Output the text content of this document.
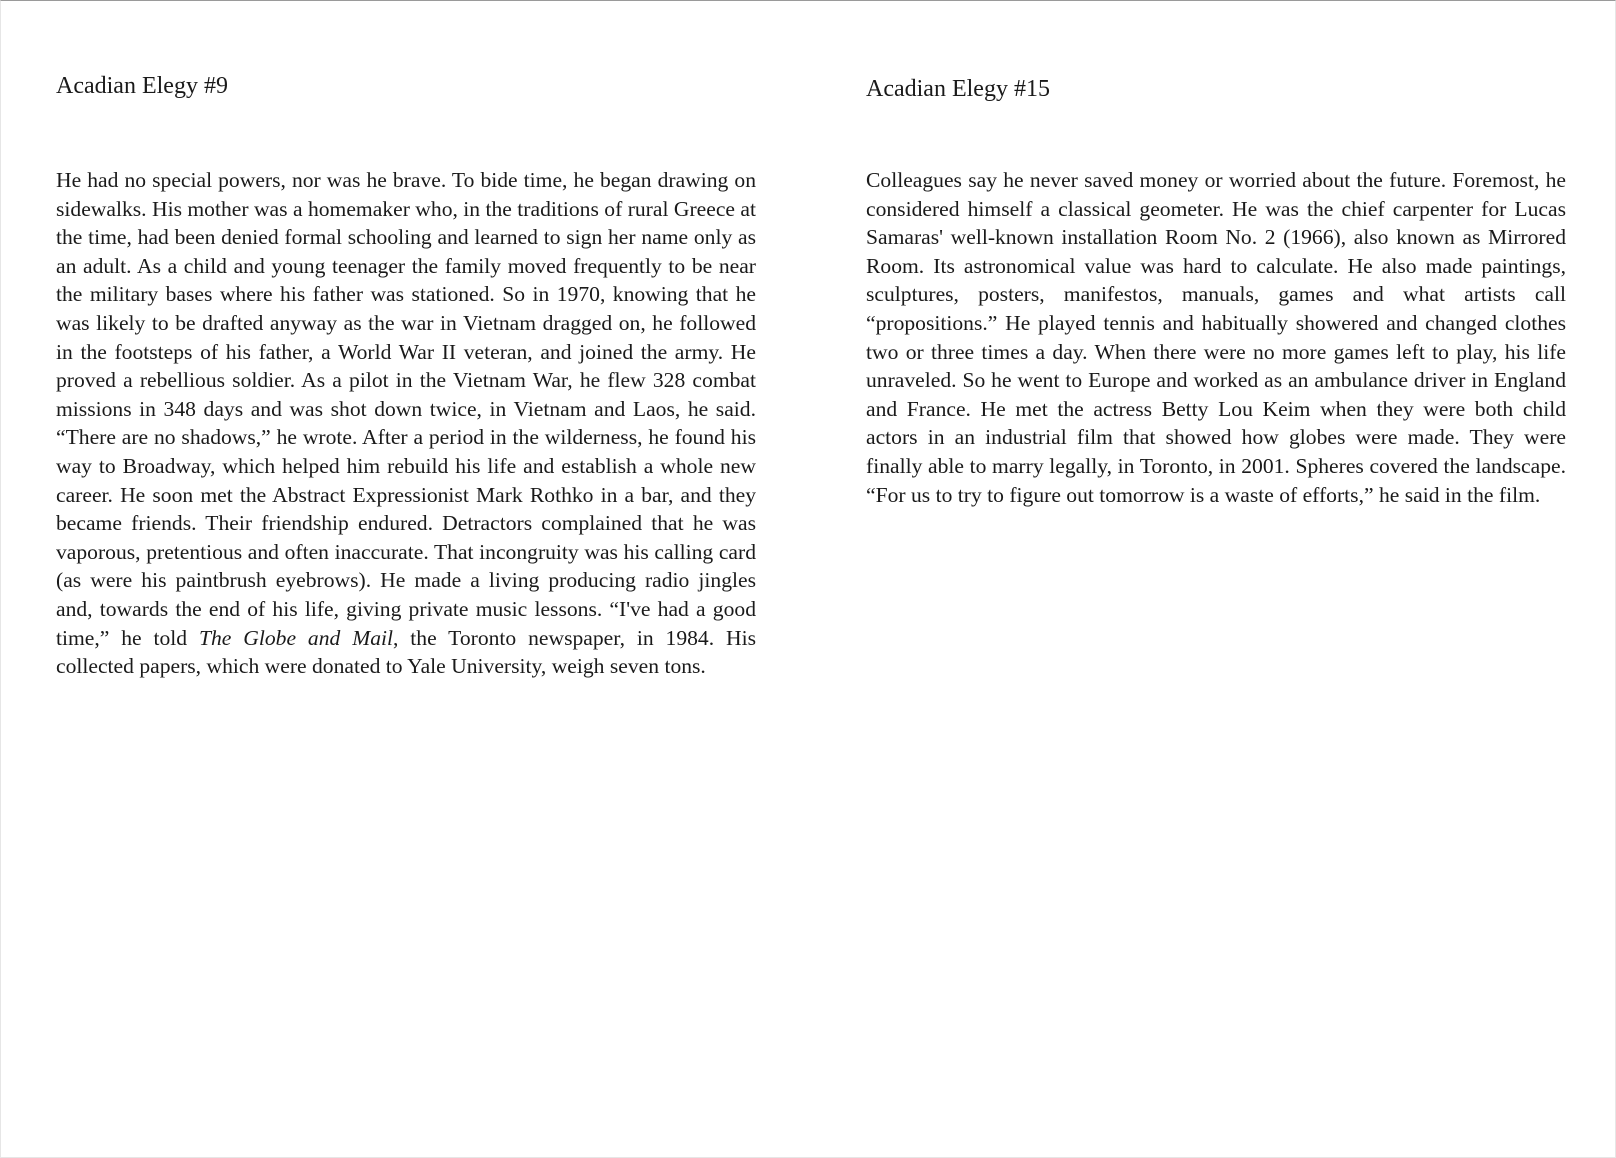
Acadian Elegy #9

He had no special powers, nor was he brave. To bide time, he began drawing on sidewalks. His mother was a homemaker who, in the traditions of rural Greece at the time, had been denied formal schooling and learned to sign her name only as an adult. As a child and young teenager the family moved frequently to be near the military bases where his father was stationed. So in 1970, knowing that he was likely to be drafted anyway as the war in Vietnam dragged on, he followed in the footsteps of his father, a World War II veteran, and joined the army. He proved a rebellious soldier. As a pilot in the Vietnam War, he flew 328 combat missions in 348 days and was shot down twice, in Vietnam and Laos, he said. “There are no shadows,” he wrote. After a period in the wilderness, he found his way to Broadway, which helped him rebuild his life and establish a whole new career. He soon met the Abstract Expressionist Mark Rothko in a bar, and they became friends. Their friendship endured. Detractors complained that he was vaporous, pretentious and often inaccurate. That incongruity was his calling card (as were his paintbrush eyebrows). He made a living producing radio jingles and, towards the end of his life, giving private music lessons. “I've had a good time,” he told The Globe and Mail, the Toronto newspaper, in 1984. His collected papers, which were donated to Yale University, weigh seven tons.

Acadian Elegy #15

Colleagues say he never saved money or worried about the future. Foremost, he considered himself a classical geometer. He was the chief carpenter for Lucas Samaras' well-known installation Room No. 2 (1966), also known as Mirrored Room. Its astronomical value was hard to calculate. He also made paintings, sculptures, posters, manifestos, manuals, games and what artists call “propositions.” He played tennis and habitually showered and changed clothes two or three times a day. When there were no more games left to play, his life unraveled. So he went to Europe and worked as an ambulance driver in England and France. He met the actress Betty Lou Keim when they were both child actors in an industrial film that showed how globes were made. They were finally able to marry legally, in Toronto, in 2001. Spheres covered the landscape. “For us to try to figure out tomorrow is a waste of efforts,” he said in the film.
